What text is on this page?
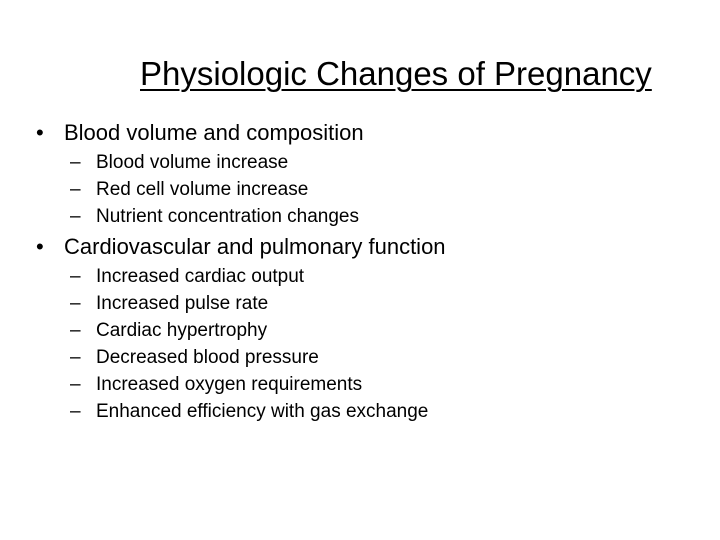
Physiologic Changes of Pregnancy
• Blood volume and composition
– Blood volume increase
– Red cell volume increase
– Nutrient concentration changes
• Cardiovascular and pulmonary function
– Increased cardiac output
– Increased pulse rate
– Cardiac hypertrophy
– Decreased blood pressure
– Increased oxygen requirements
– Enhanced efficiency with gas exchange
